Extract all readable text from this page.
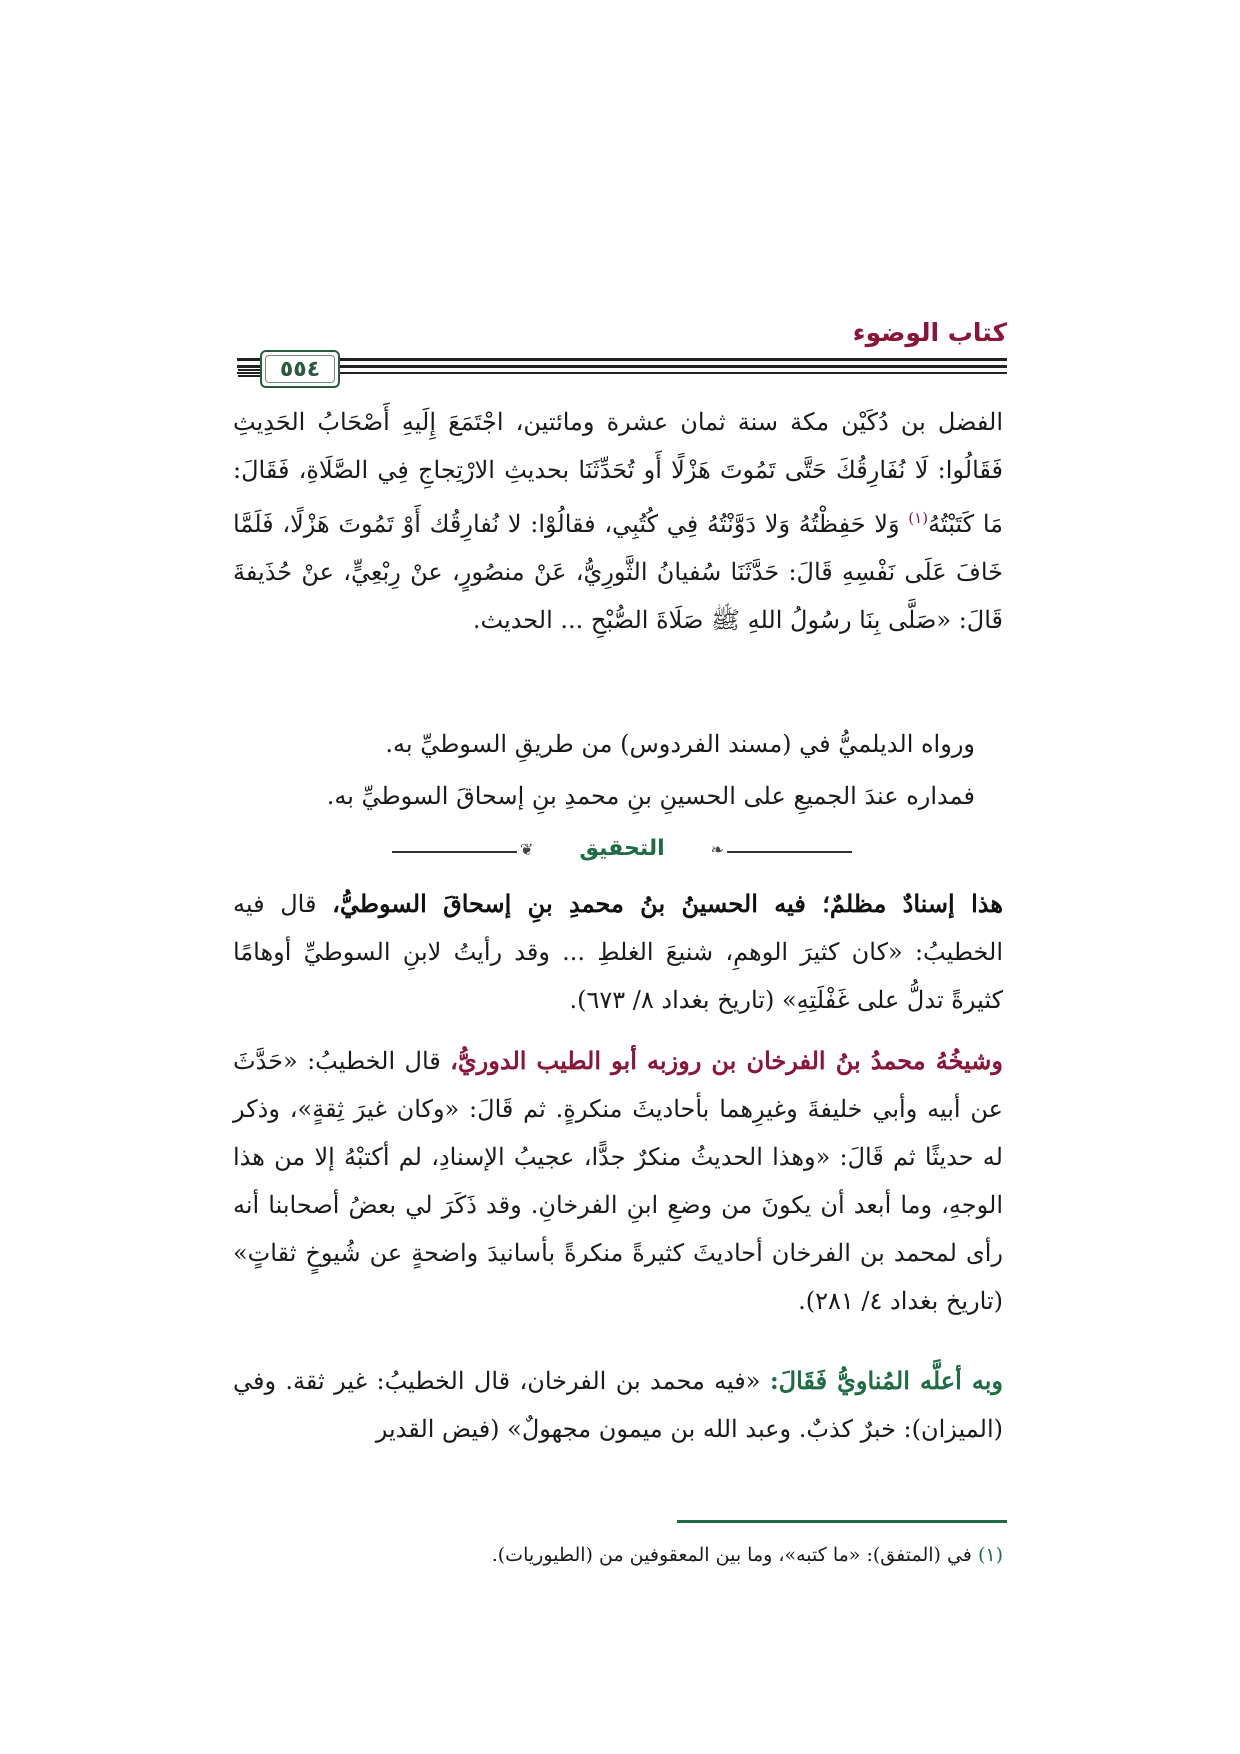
كتاب الوضوء
٥٥٤
الفضل بن دُكَيْن مكة سنة ثمان عشرة ومائتين، اجْتَمَعَ إِلَيهِ أَصْحَابُ الحَدِيثِ فَقَالُوا: لَا نُفَارِقُكَ حَتَّى تَمُوتَ هَزْلًا أَو تُحَدِّثَنَا بحديثِ الارْتِجاجِ فِي الصَّلَاةِ، فَقَالَ: مَا كَتَبْتُهُ$^{(١)}$ وَلا حَفِظْتُهُ وَلا دَوَّنْتُهُ فِي كُتُبِي، فقالُوْا: لا نُفارِقُك أَوْ تَمُوتَ هَزْلًا، فَلَمَّا خَافَ عَلَى نَفْسِهِ قَالَ: حَدَّثَنَا سُفيانُ الثَّورِيُّ، عَنْ منصُورٍ، عنْ رِبْعِيٍّ، عنْ حُذَيفةَ قَالَ: «صَلَّى بِنَا رسُولُ اللهِ ﷺ صَلَاةَ الصُّبْحِ ... الحديث.
ورواه الديلميُّ في (مسند الفردوس) من طريقِ السوطيِّ به.
فمداره عندَ الجميعِ على الحسينِ بنِ محمدِ بنِ إسحاقَ السوطيِّ به.
❦	التحقيق	❧
هذا إسنادٌ مظلمٌ؛ فيه الحسينُ بنُ محمدِ بنِ إسحاقَ السوطيُّ، قال فيه الخطيبُ: «كان كثيرَ الوهمِ، شنيعَ الغلطِ ... وقد رأيتُ لابنِ السوطيِّ أوهامًا كثيرةً تدلُّ على غَفْلَتِهِ» (تاريخ بغداد ٨/ ٦٧٣).
وشيخُهُ محمدُ بنُ الفرخان بن روزبه أبو الطيب الدوريُّ، قال الخطيبُ: «حَدَّثَ عن أبيه وأبي خليفةَ وغيرِهما بأحاديثَ منكرةٍ. ثم قَالَ: «وكان غيرَ ثِقةٍ»، وذكر له حديثًا ثم قَالَ: «وهذا الحديثُ منكرٌ جدًّا، عجيبُ الإسنادِ، لم أكتبْهُ إلا من هذا الوجهِ، وما أبعد أن يكونَ من وضعِ ابنِ الفرخانِ. وقد ذَكَرَ لي بعضُ أصحابنا أنه رأى لمحمد بن الفرخان أحاديثَ كثيرةً منكرةً بأسانيدَ واضحةٍ عن شُيوخٍ ثقاتٍ» (تاريخ بغداد ٤/ ٢٨١).
وبه أعلَّه المُناويُّ فَقَالَ: «فيه محمد بن الفرخان، قال الخطيبُ: غير ثقة. وفي (الميزان): خبرٌ كذبٌ. وعبد الله بن ميمون مجهولٌ» (فيض القدير
(١) في (المتفق): «ما كتبه»، وما بين المعقوفين من (الطيوريات).
